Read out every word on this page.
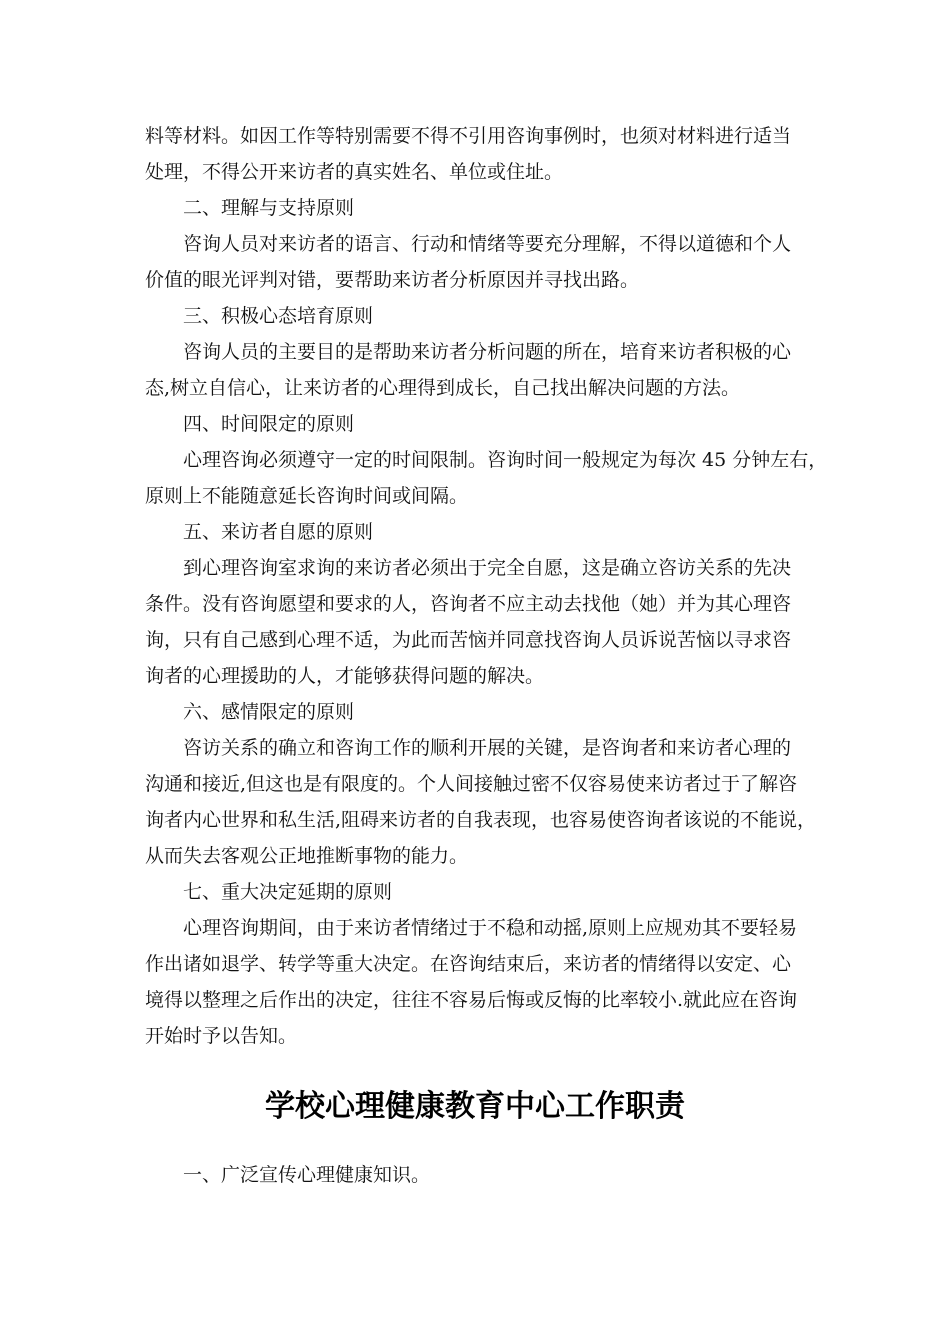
料等材料。如因工作等特别需要不得不引用咨询事例时，也须对材料进行适当
处理，不得公开来访者的真实姓名、单位或住址。
二、理解与支持原则
咨询人员对来访者的语言、行动和情绪等要充分理解，不得以道德和个人
价值的眼光评判对错，要帮助来访者分析原因并寻找出路。
三、积极心态培育原则
咨询人员的主要目的是帮助来访者分析问题的所在，培育来访者积极的心
态,树立自信心，让来访者的心理得到成长，自己找出解决问题的方法。
四、时间限定的原则
心理咨询必须遵守一定的时间限制。咨询时间一般规定为每次 45 分钟左右，
原则上不能随意延长咨询时间或间隔。
五、来访者自愿的原则
到心理咨询室求询的来访者必须出于完全自愿，这是确立咨访关系的先决
条件。没有咨询愿望和要求的人，咨询者不应主动去找他（她）并为其心理咨
询，只有自己感到心理不适，为此而苦恼并同意找咨询人员诉说苦恼以寻求咨
询者的心理援助的人，才能够获得问题的解决。
六、感情限定的原则
咨访关系的确立和咨询工作的顺利开展的关键，是咨询者和来访者心理的
沟通和接近,但这也是有限度的。个人间接触过密不仅容易使来访者过于了解咨
询者内心世界和私生活,阻碍来访者的自我表现，也容易使咨询者该说的不能说，
从而失去客观公正地推断事物的能力。
七、重大决定延期的原则
心理咨询期间，由于来访者情绪过于不稳和动摇,原则上应规劝其不要轻易
作出诸如退学、转学等重大决定。在咨询结束后，来访者的情绪得以安定、心
境得以整理之后作出的决定，往往不容易后悔或反悔的比率较小.就此应在咨询
开始时予以告知。
学校心理健康教育中心工作职责
一、广泛宣传心理健康知识。
